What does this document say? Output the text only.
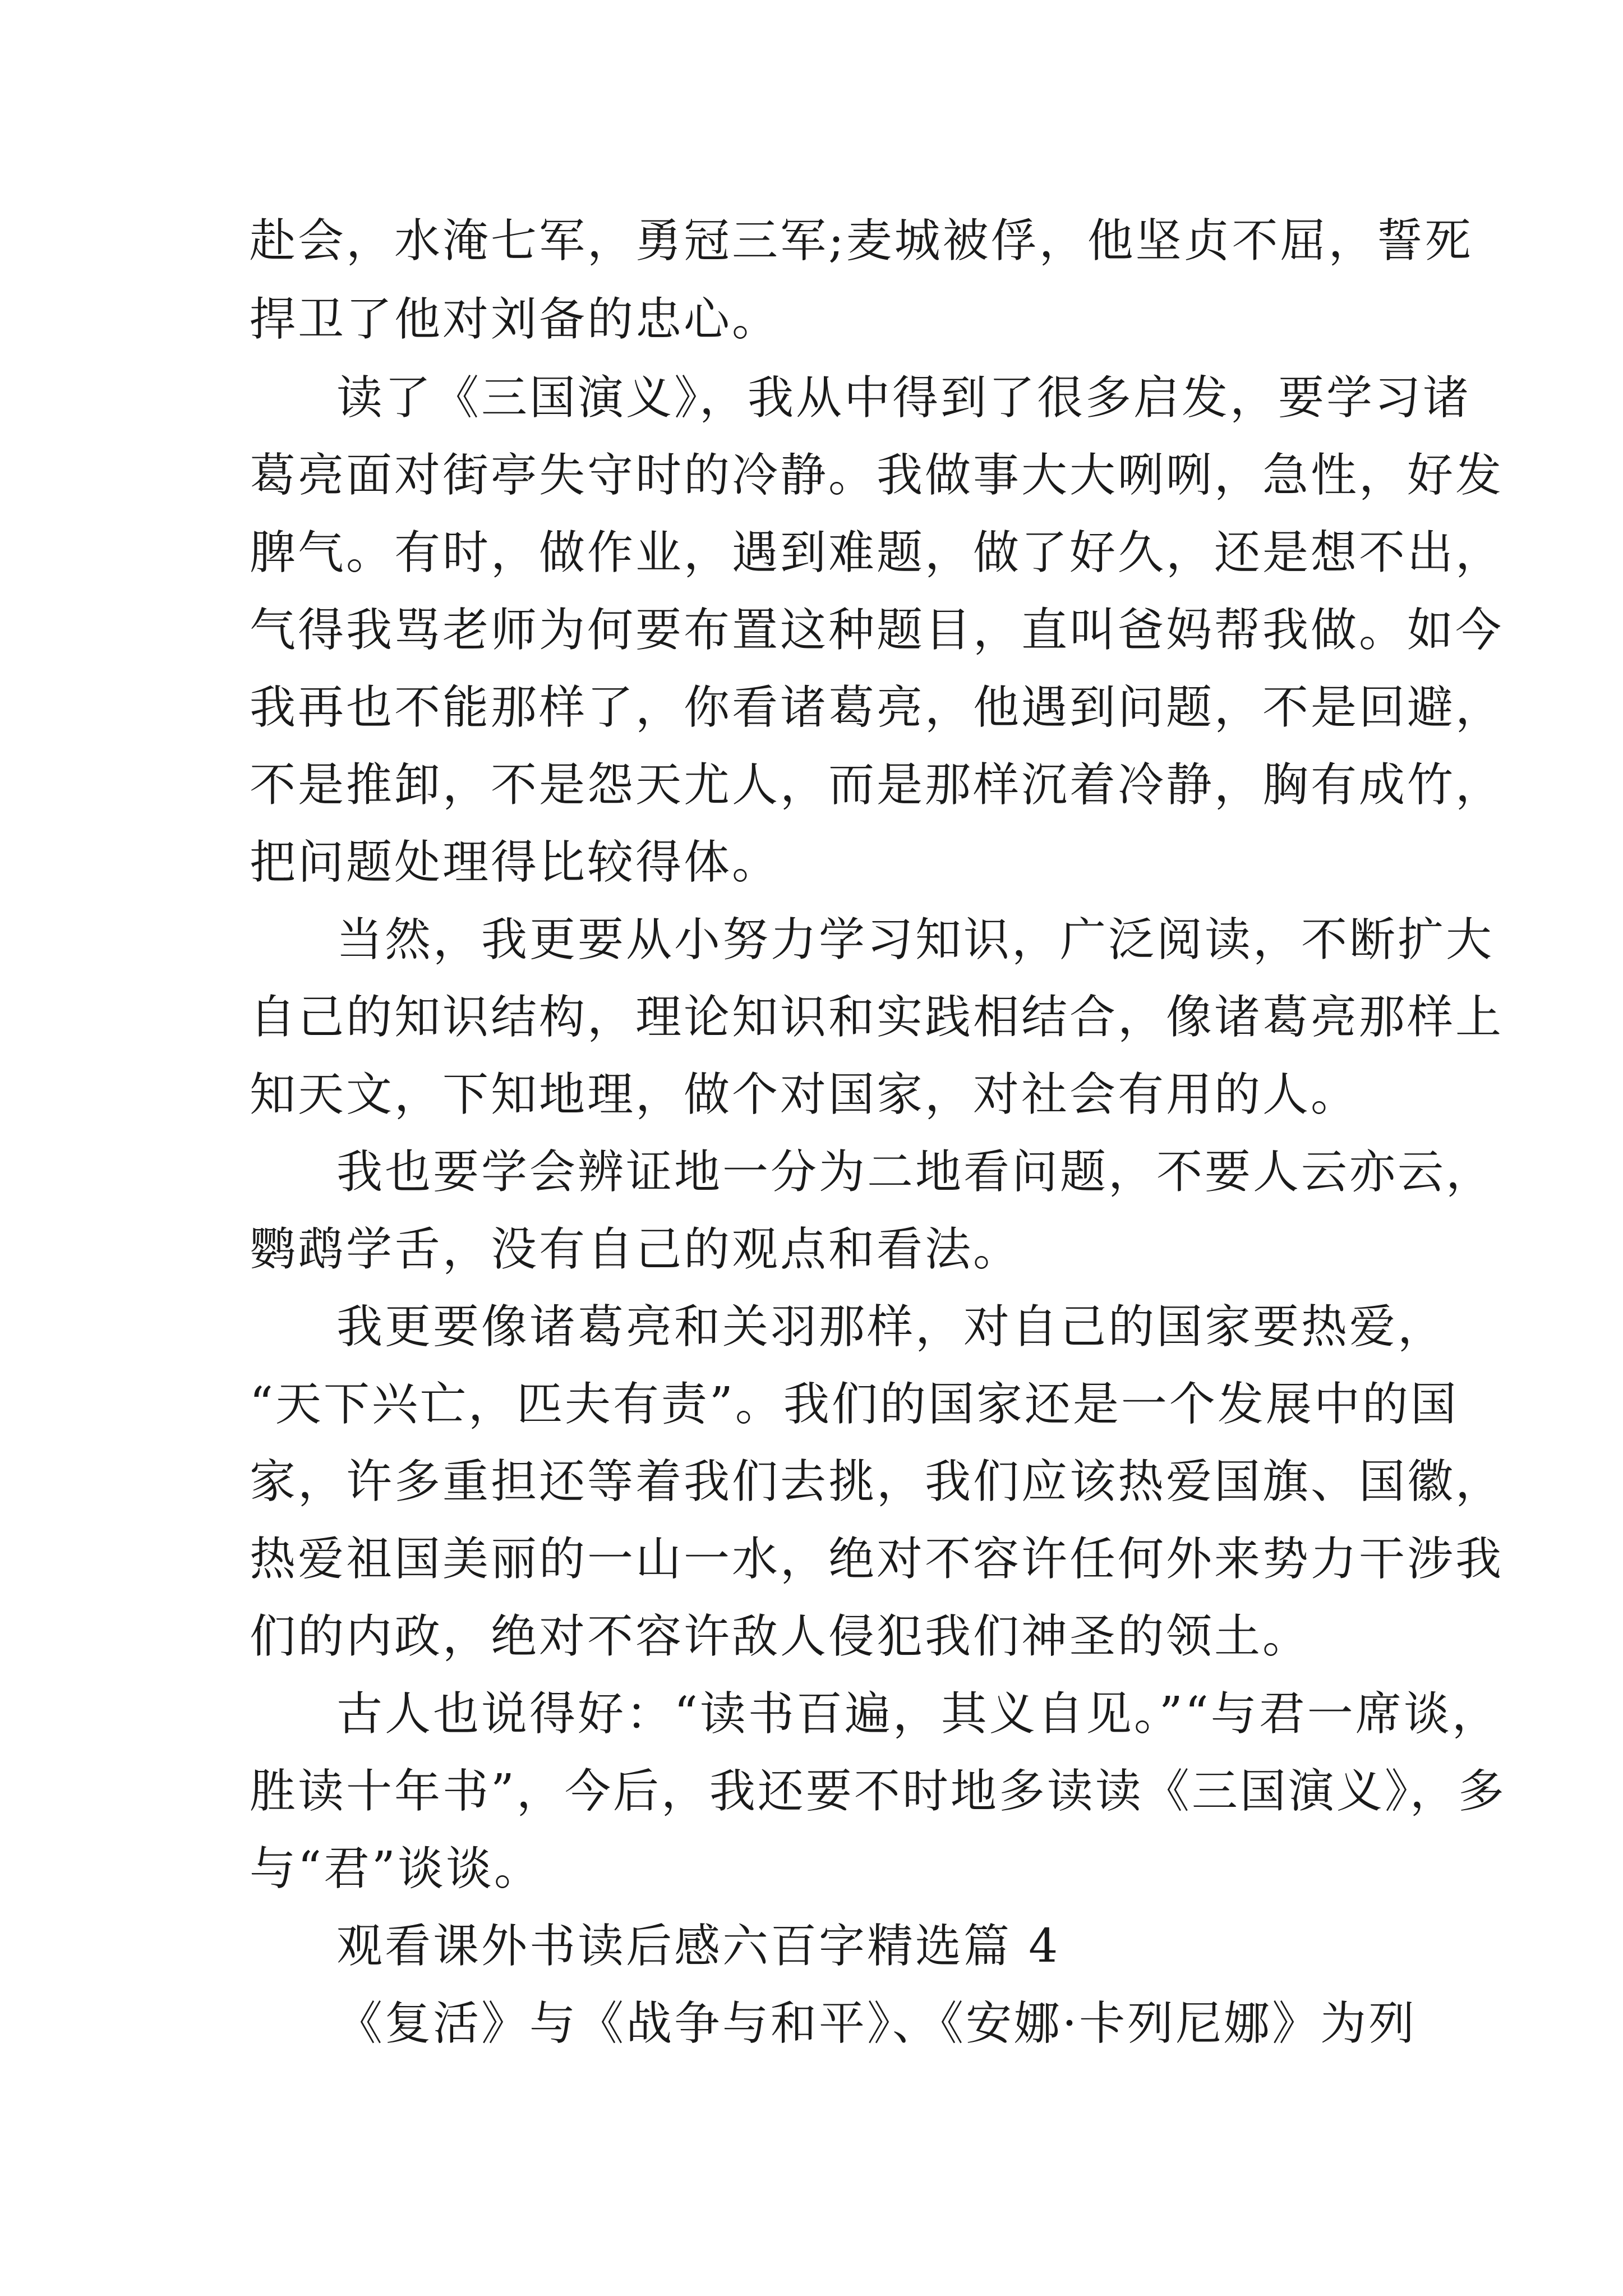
赴会，水淹七军，勇冠三军;麦城被俘，他坚贞不屈，誓死
捍卫了他对刘备的忠心。
读了《三国演义》，我从中得到了很多启发，要学习诸
葛亮面对街亭失守时的冷静。我做事大大咧咧，急性，好发
脾气。有时，做作业，遇到难题，做了好久，还是想不出，
气得我骂老师为何要布置这种题目，直叫爸妈帮我做。如今
我再也不能那样了，你看诸葛亮，他遇到问题，不是回避，
不是推卸，不是怨天尤人，而是那样沉着冷静，胸有成竹，
把问题处理得比较得体。
当然，我更要从小努力学习知识，广泛阅读，不断扩大
自己的知识结构，理论知识和实践相结合，像诸葛亮那样上
知天文，下知地理，做个对国家，对社会有用的人。
我也要学会辨证地一分为二地看问题，不要人云亦云，
鹦鹉学舌，没有自己的观点和看法。
我更要像诸葛亮和关羽那样，对自己的国家要热爱，
“天下兴亡，匹夫有责”。我们的国家还是一个发展中的国
家，许多重担还等着我们去挑，我们应该热爱国旗、国徽，
热爱祖国美丽的一山一水，绝对不容许任何外来势力干涉我
们的内政，绝对不容许敌人侵犯我们神圣的领土。
古人也说得好：“读书百遍，其义自见。”“与君一席谈，
胜读十年书”，今后，我还要不时地多读读《三国演义》，多
与“君”谈谈。
观看课外书读后感六百字精选篇 4
《复活》与《战争与和平》、《安娜·卡列尼娜》为列
